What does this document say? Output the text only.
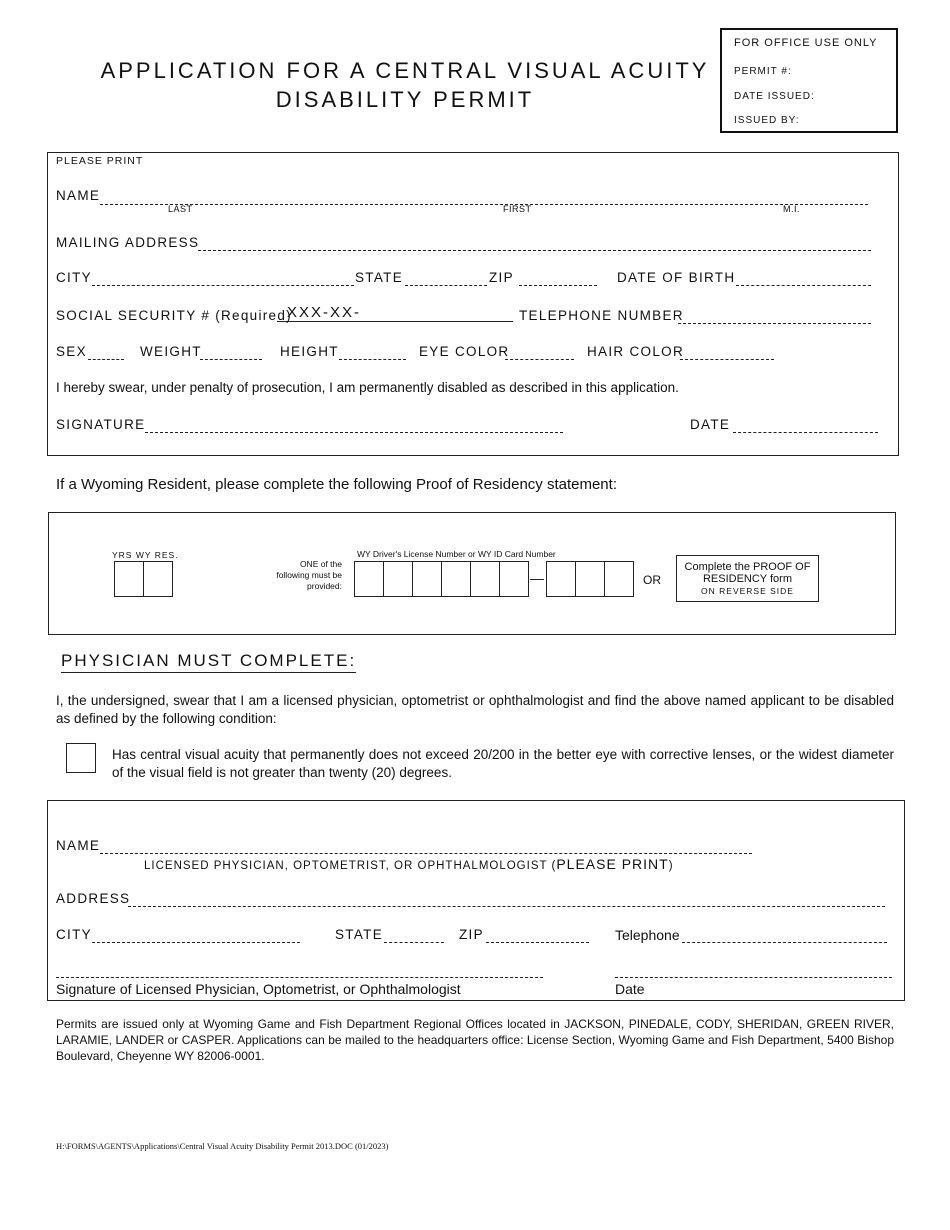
APPLICATION FOR A CENTRAL VISUAL ACUITY
DISABILITY PERMIT
FOR OFFICE USE ONLY
PERMIT #:
DATE ISSUED:
ISSUED BY:
PLEASE PRINT
NAME
LAST	FIRST	M.I.
MAILING ADDRESS
CITY	STATE	ZIP	DATE OF BIRTH
SOCIAL SECURITY # (Required)
XXX-XX-	TELEPHONE NUMBER
SEX	WEIGHT	HEIGHT	EYE COLOR	HAIR COLOR
I hereby swear, under penalty of prosecution, I am permanently disabled as described in this application.
SIGNATURE	DATE
If a Wyoming Resident, please complete the following Proof of Residency statement:
YRS WY RES.
ONE of the following must be provided:
WY Driver's License Number or WY ID Card Number
OR
Complete the PROOF OF
RESIDENCY form
ON REVERSE SIDE
PHYSICIAN MUST COMPLETE:
I, the undersigned, swear that I am a licensed physician, optometrist or ophthalmologist and find the above named applicant to be disabled as defined by the following condition:
Has central visual acuity that permanently does not exceed 20/200 in the better eye with corrective lenses, or the widest diameter of the visual field is not greater than twenty (20) degrees.
NAME
LICENSED PHYSICIAN, OPTOMETRIST, OR OPHTHALMOLOGIST (PLEASE PRINT)
ADDRESS
CITY	STATE	ZIP	Telephone
Signature of Licensed Physician, Optometrist, or Ophthalmologist	Date
Permits are issued only at Wyoming Game and Fish Department Regional Offices located in JACKSON, PINEDALE, CODY, SHERIDAN, GREEN RIVER, LARAMIE, LANDER or CASPER. Applications can be mailed to the headquarters office: License Section, Wyoming Game and Fish Department, 5400 Bishop Boulevard, Cheyenne WY 82006-0001.
H:\FORMS\AGENTS\Applications\Central Visual Acuity Disability Permit 2013.DOC (01/2023)
